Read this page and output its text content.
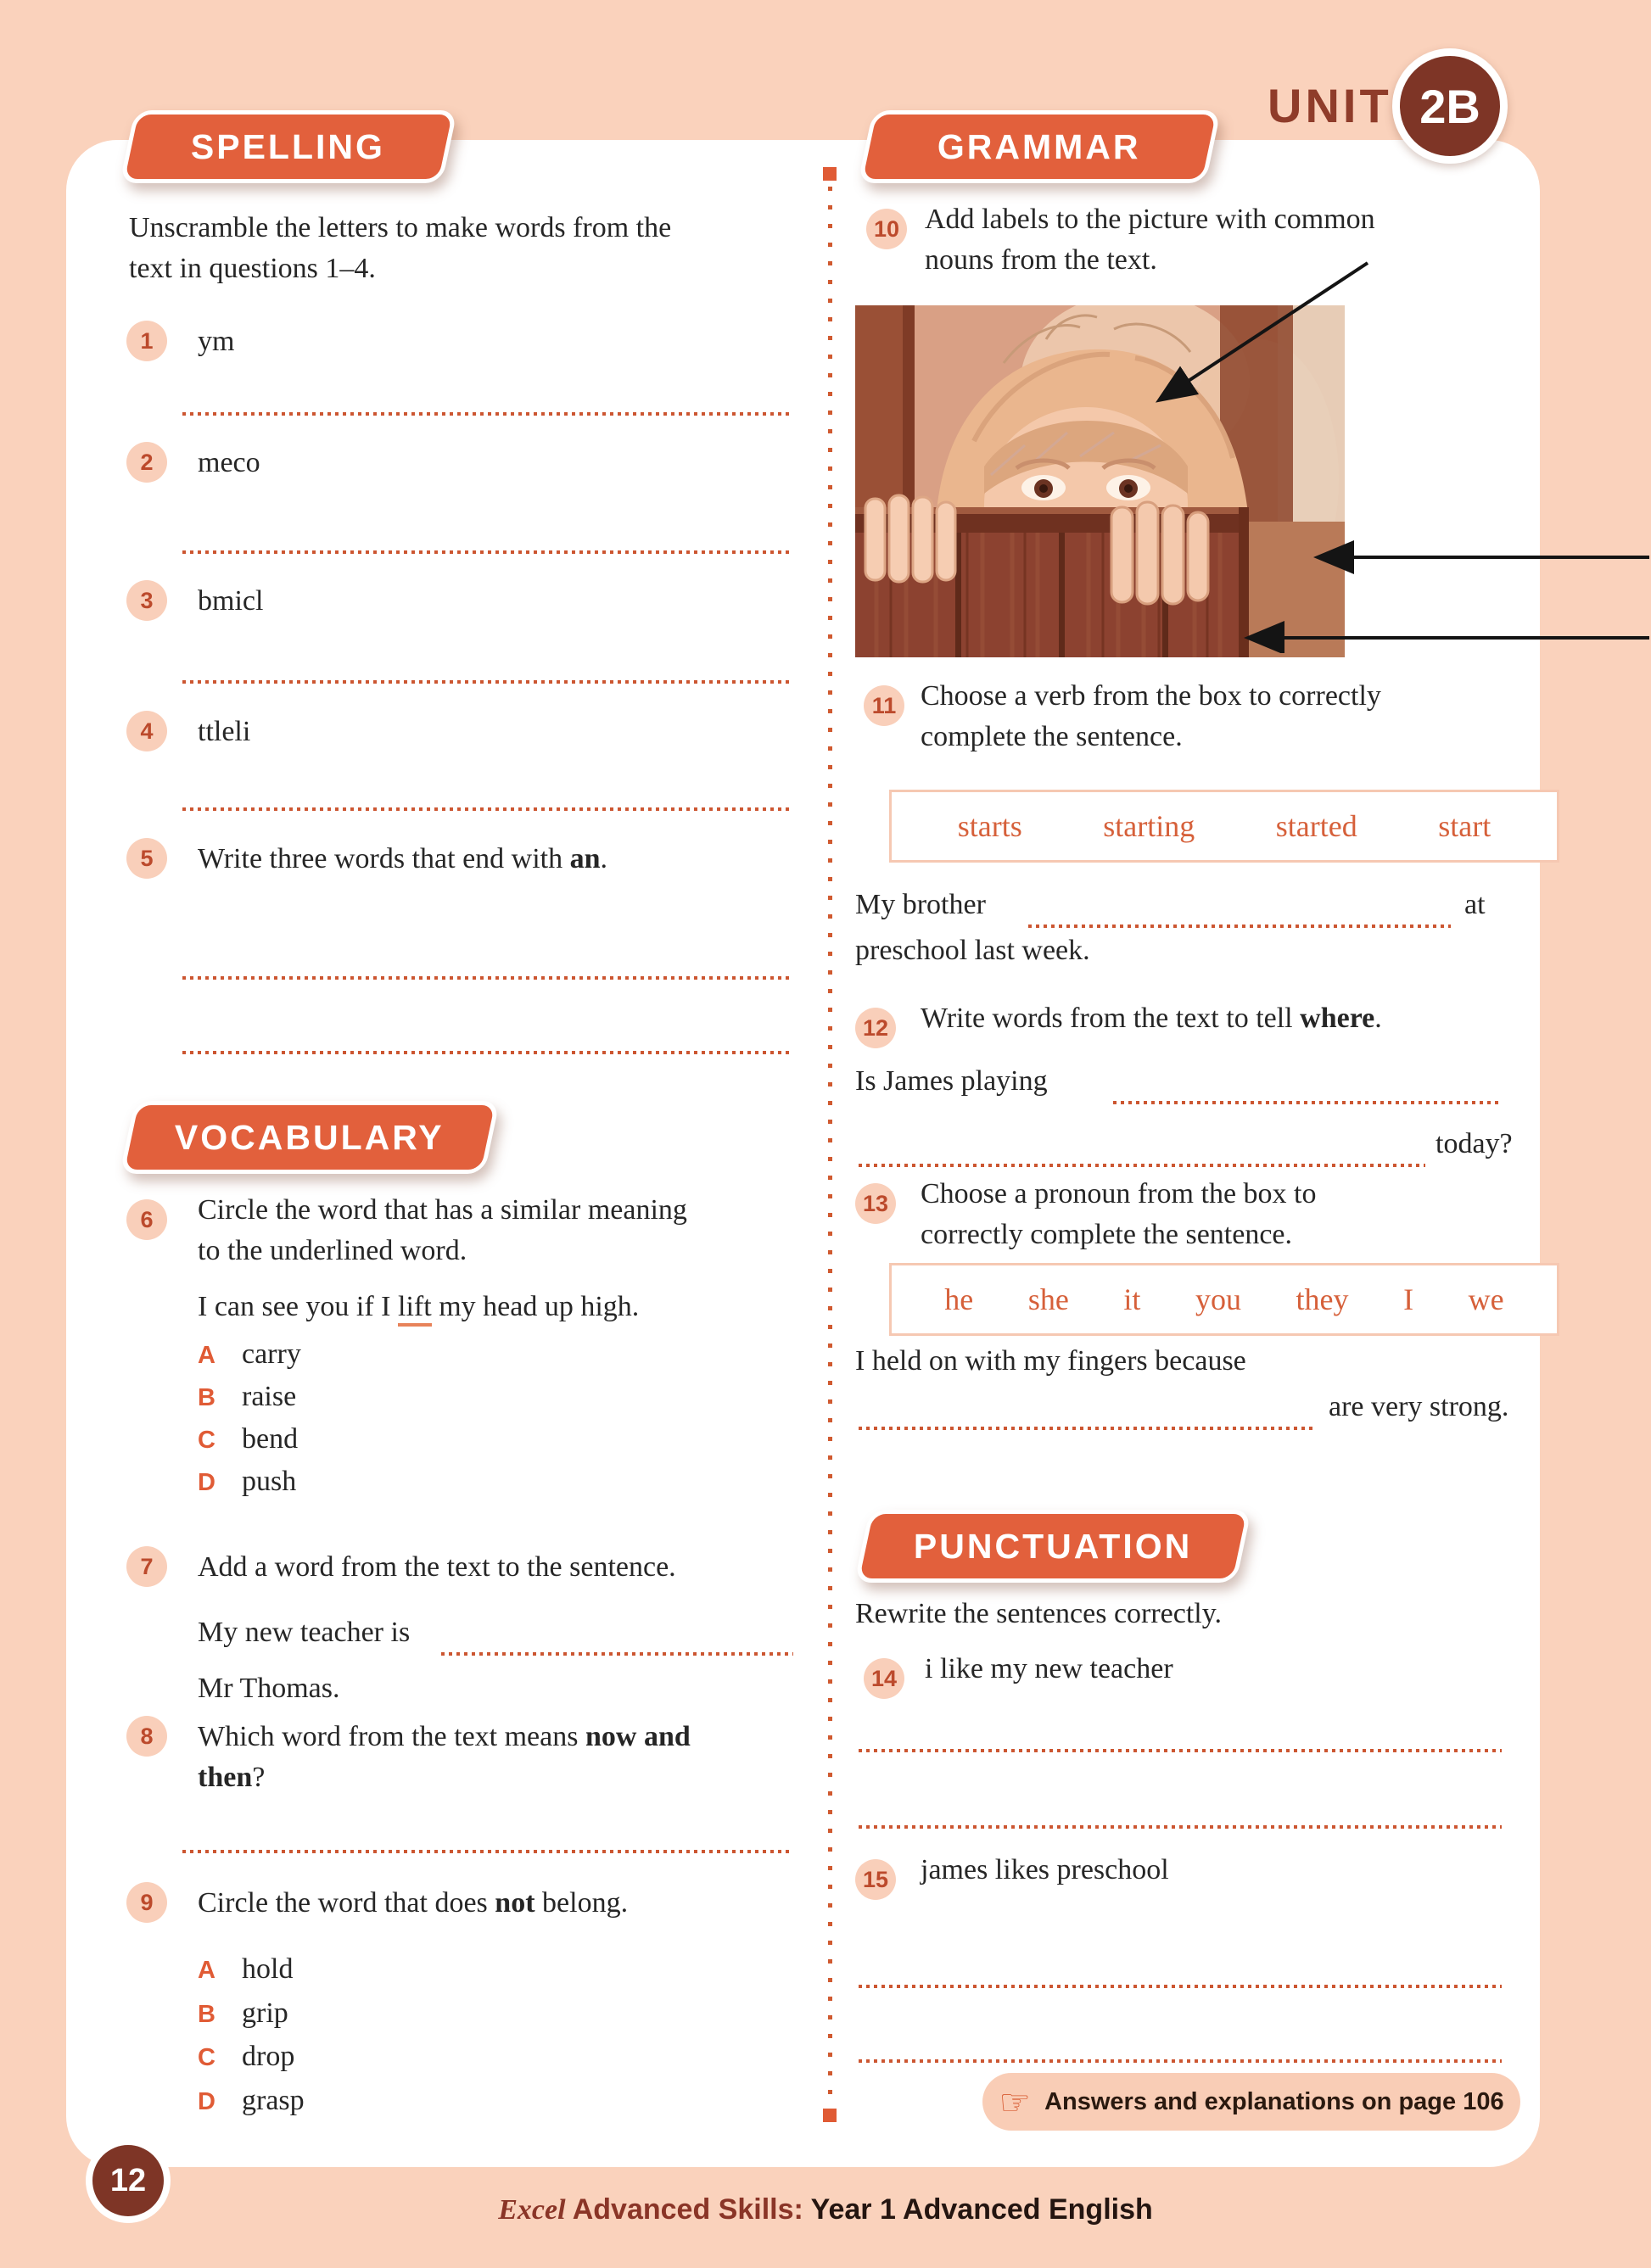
UNIT 2B
SPELLING
Unscramble the letters to make words from the
text in questions 1–4.
1 ym
2 meco
3 bmicl
4 ttleli
5 Write three words that end with an.
VOCABULARY
6 Circle the word that has a similar meaning
to the underlined word.
I can see you if I lift my head up high.
A carry
B raise
C bend
D push
7 Add a word from the text to the sentence.
My new teacher is
Mr Thomas.
8 Which word from the text means now and
then?
9 Circle the word that does not belong.
A hold
B grip
C drop
D grasp
GRAMMAR
10 Add labels to the picture with common
nouns from the text.
11 Choose a verb from the box to correctly
complete the sentence.
starts	starting	started	start
My brother	at
preschool last week.
12 Write words from the text to tell where.
Is James playing
today?
13 Choose a pronoun from the box to
correctly complete the sentence.
he she it you they I we
I held on with my fingers because
are very strong.
PUNCTUATION
Rewrite the sentences correctly.
14 i like my new teacher
15 james likes preschool
☞ Answers and explanations on page 106
12
Excel Advanced Skills: Year 1 Advanced English
